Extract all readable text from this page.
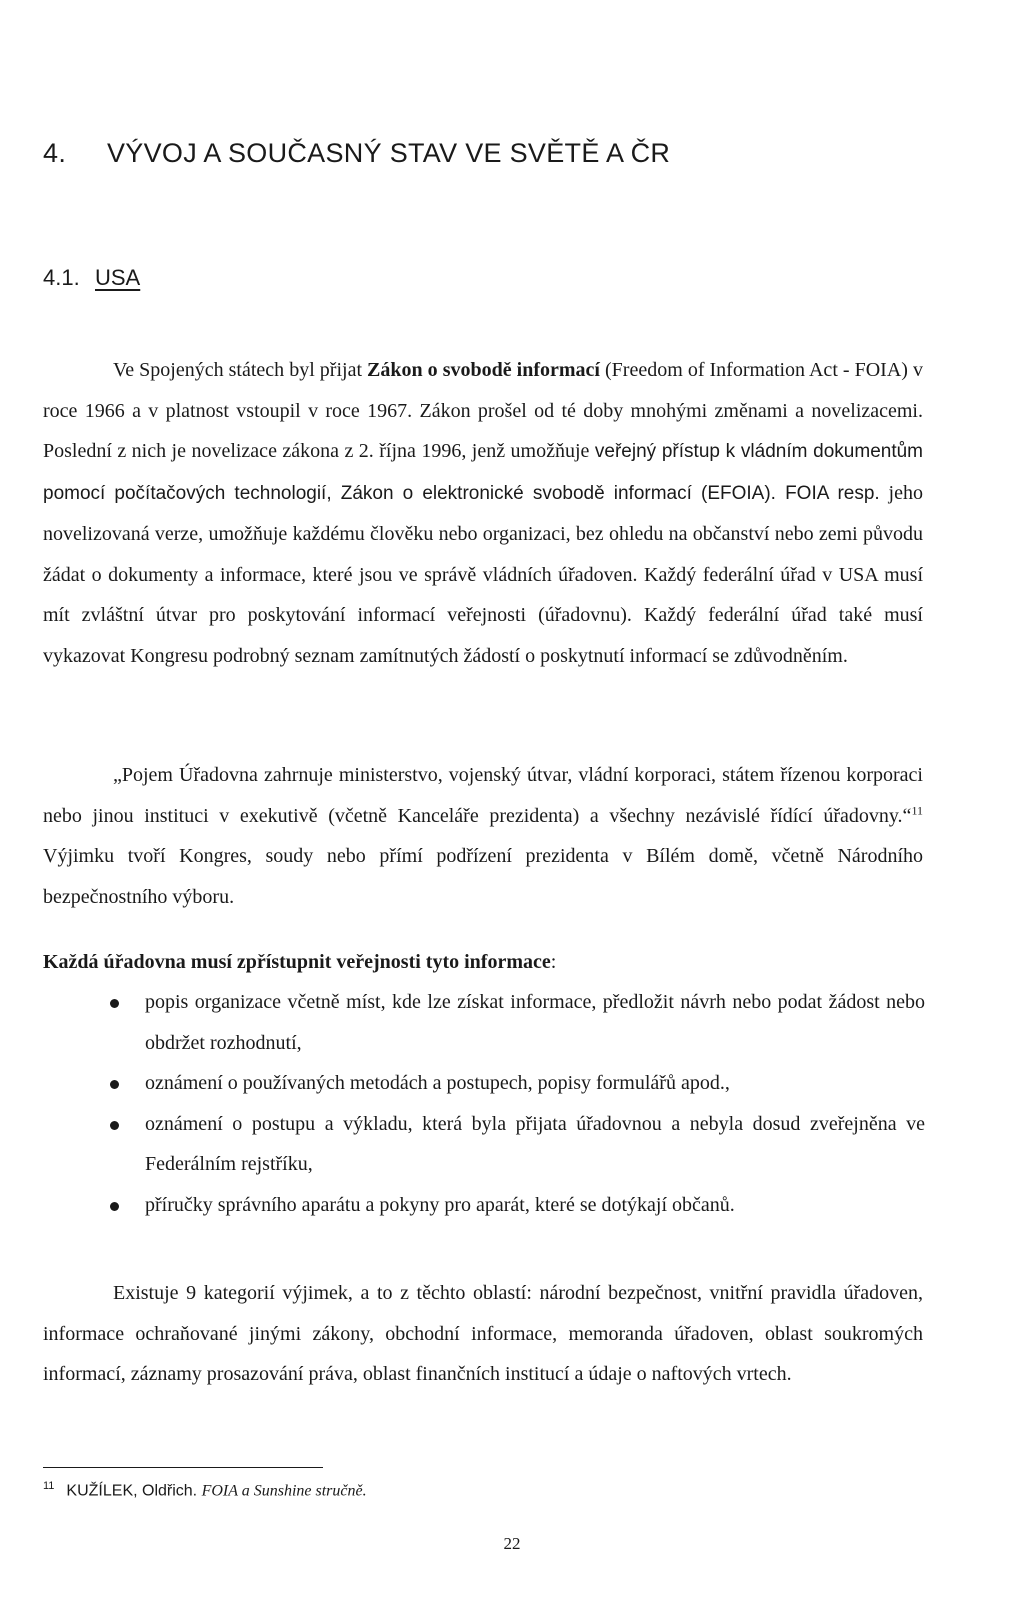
4. VÝVOJ A SOUČASNÝ STAV VE SVĚTĚ A ČR
4.1. USA

Ve Spojených státech byl přijat Zákon o svobodě informací (Freedom of Information Act - FOIA) v roce 1966 a v platnost vstoupil v roce 1967. Zákon prošel od té doby mnohými změnami a novelizacemi. Poslední z nich je novelizace zákona z 2. října 1996, jenž umožňuje veřejný přístup k vládním dokumentům pomocí počítačových technologií, Zákon o elektronické svobodě informací (EFOIA). FOIA resp. jeho novelizovaná verze, umožňuje každému člověku nebo organizaci, bez ohledu na občanství nebo zemi původu žádat o dokumenty a informace, které jsou ve správě vládních úřadoven. Každý federální úřad v USA musí mít zvláštní útvar pro poskytování informací veřejnosti (úřadovnu). Každý federální úřad také musí vykazovat Kongresu podrobný seznam zamítnutých žádostí o poskytnutí informací se zdůvodněním.

„Pojem Úřadovna zahrnuje ministerstvo, vojenský útvar, vládní korporaci, státem řízenou korporaci nebo jinou instituci v exekutivě (včetně Kanceláře prezidenta) a všechny nezávislé řídící úřadovny.“$^{11}$ Výjimku tvoří Kongres, soudy nebo přímí podřízení prezidenta v Bílém domě, včetně Národního bezpečnostního výboru.

Každá úřadovna musí zpřístupnit veřejnosti tyto informace:

popis organizace včetně míst, kde lze získat informace, předložit návrh nebo podat žádost nebo obdržet rozhodnutí,
oznámení o používaných metodách a postupech, popisy formulářů apod.,
oznámení o postupu a výkladu, která byla přijata úřadovnou a nebyla dosud zveřejněna ve Federálním rejstříku,
příručky správního aparátu a pokyny pro aparát, které se dotýkají občanů.

Existuje 9 kategorií výjimek, a to z těchto oblastí: národní bezpečnost, vnitřní pravidla úřadoven, informace ochraňované jinými zákony, obchodní informace, memoranda úřadoven, oblast soukromých informací, záznamy prosazování práva, oblast finančních institucí a údaje o naftových vrtech.

$^{11}$ KUŽÍLEK, Oldřich. FOIA a Sunshine stručně.

22
